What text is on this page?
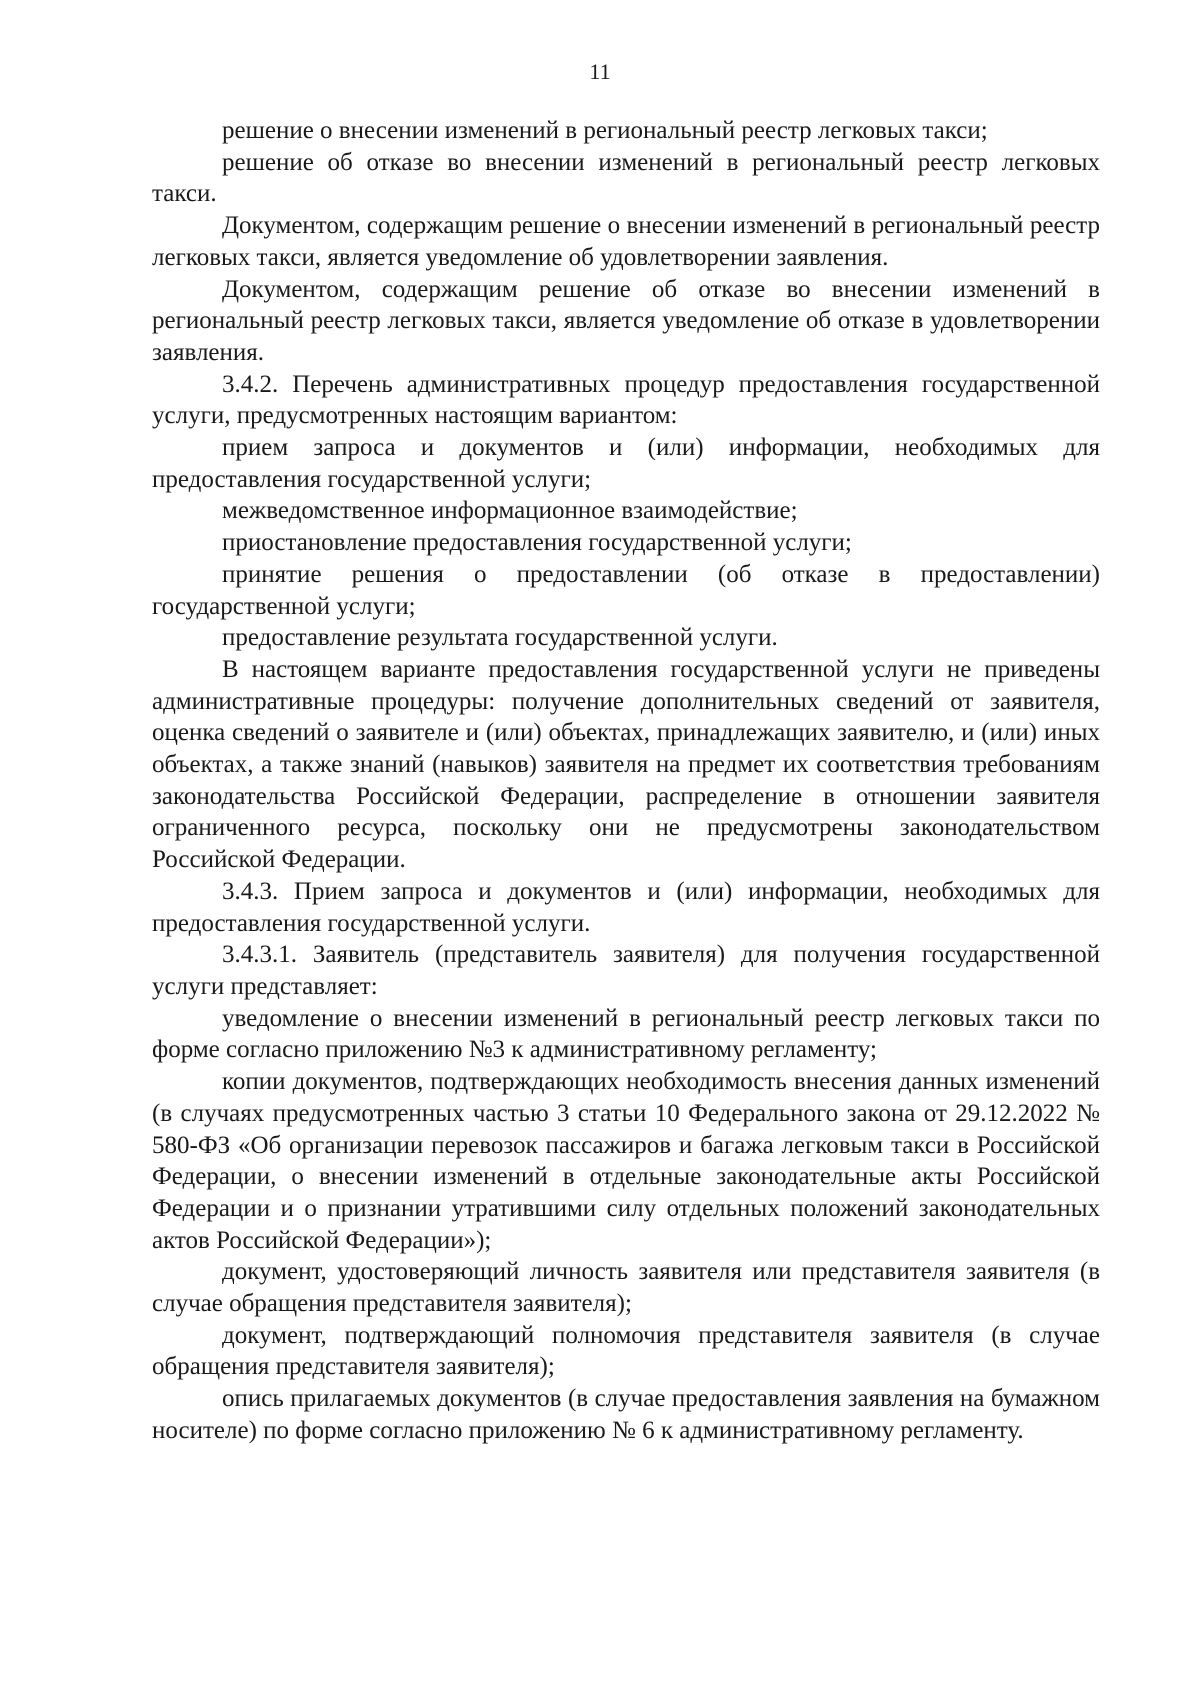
11

решение о внесении изменений в региональный реестр легковых такси;

решение об отказе во внесении изменений в региональный реестр легковых такси.

Документом, содержащим решение о внесении изменений в региональный реестр легковых такси, является уведомление об удовлетворении заявления.

Документом, содержащим решение об отказе во внесении изменений в региональный реестр легковых такси, является уведомление об отказе в удовлетворении заявления.

3.4.2. Перечень административных процедур предоставления государственной услуги, предусмотренных настоящим вариантом:

прием запроса и документов и (или) информации, необходимых для предоставления государственной услуги;

межведомственное информационное взаимодействие;

приостановление предоставления государственной услуги;

принятие решения о предоставлении (об отказе в предоставлении) государственной услуги;

предоставление результата государственной услуги.

В настоящем варианте предоставления государственной услуги не приведены административные процедуры: получение дополнительных сведений от заявителя, оценка сведений о заявителе и (или) объектах, принадлежащих заявителю, и (или) иных объектах, а также знаний (навыков) заявителя на предмет их соответствия требованиям законодательства Российской Федерации, распределение в отношении заявителя ограниченного ресурса, поскольку они не предусмотрены законодательством Российской Федерации.

3.4.3. Прием запроса и документов и (или) информации, необходимых для предоставления государственной услуги.

3.4.3.1. Заявитель (представитель заявителя) для получения государственной услуги представляет:

уведомление о внесении изменений в региональный реестр легковых такси по форме согласно приложению №3 к административному регламенту;

копии документов, подтверждающих необходимость внесения данных изменений (в случаях предусмотренных частью 3 статьи 10 Федерального закона от 29.12.2022 № 580-ФЗ «Об организации перевозок пассажиров и багажа легковым такси в Российской Федерации, о внесении изменений в отдельные законодательные акты Российской Федерации и о признании утратившими силу отдельных положений законодательных актов Российской Федерации»);

документ, удостоверяющий личность заявителя или представителя заявителя (в случае обращения представителя заявителя);

документ, подтверждающий полномочия представителя заявителя (в случае обращения представителя заявителя);

опись прилагаемых документов (в случае предоставления заявления на бумажном носителе) по форме согласно приложению № 6 к административному регламенту.
